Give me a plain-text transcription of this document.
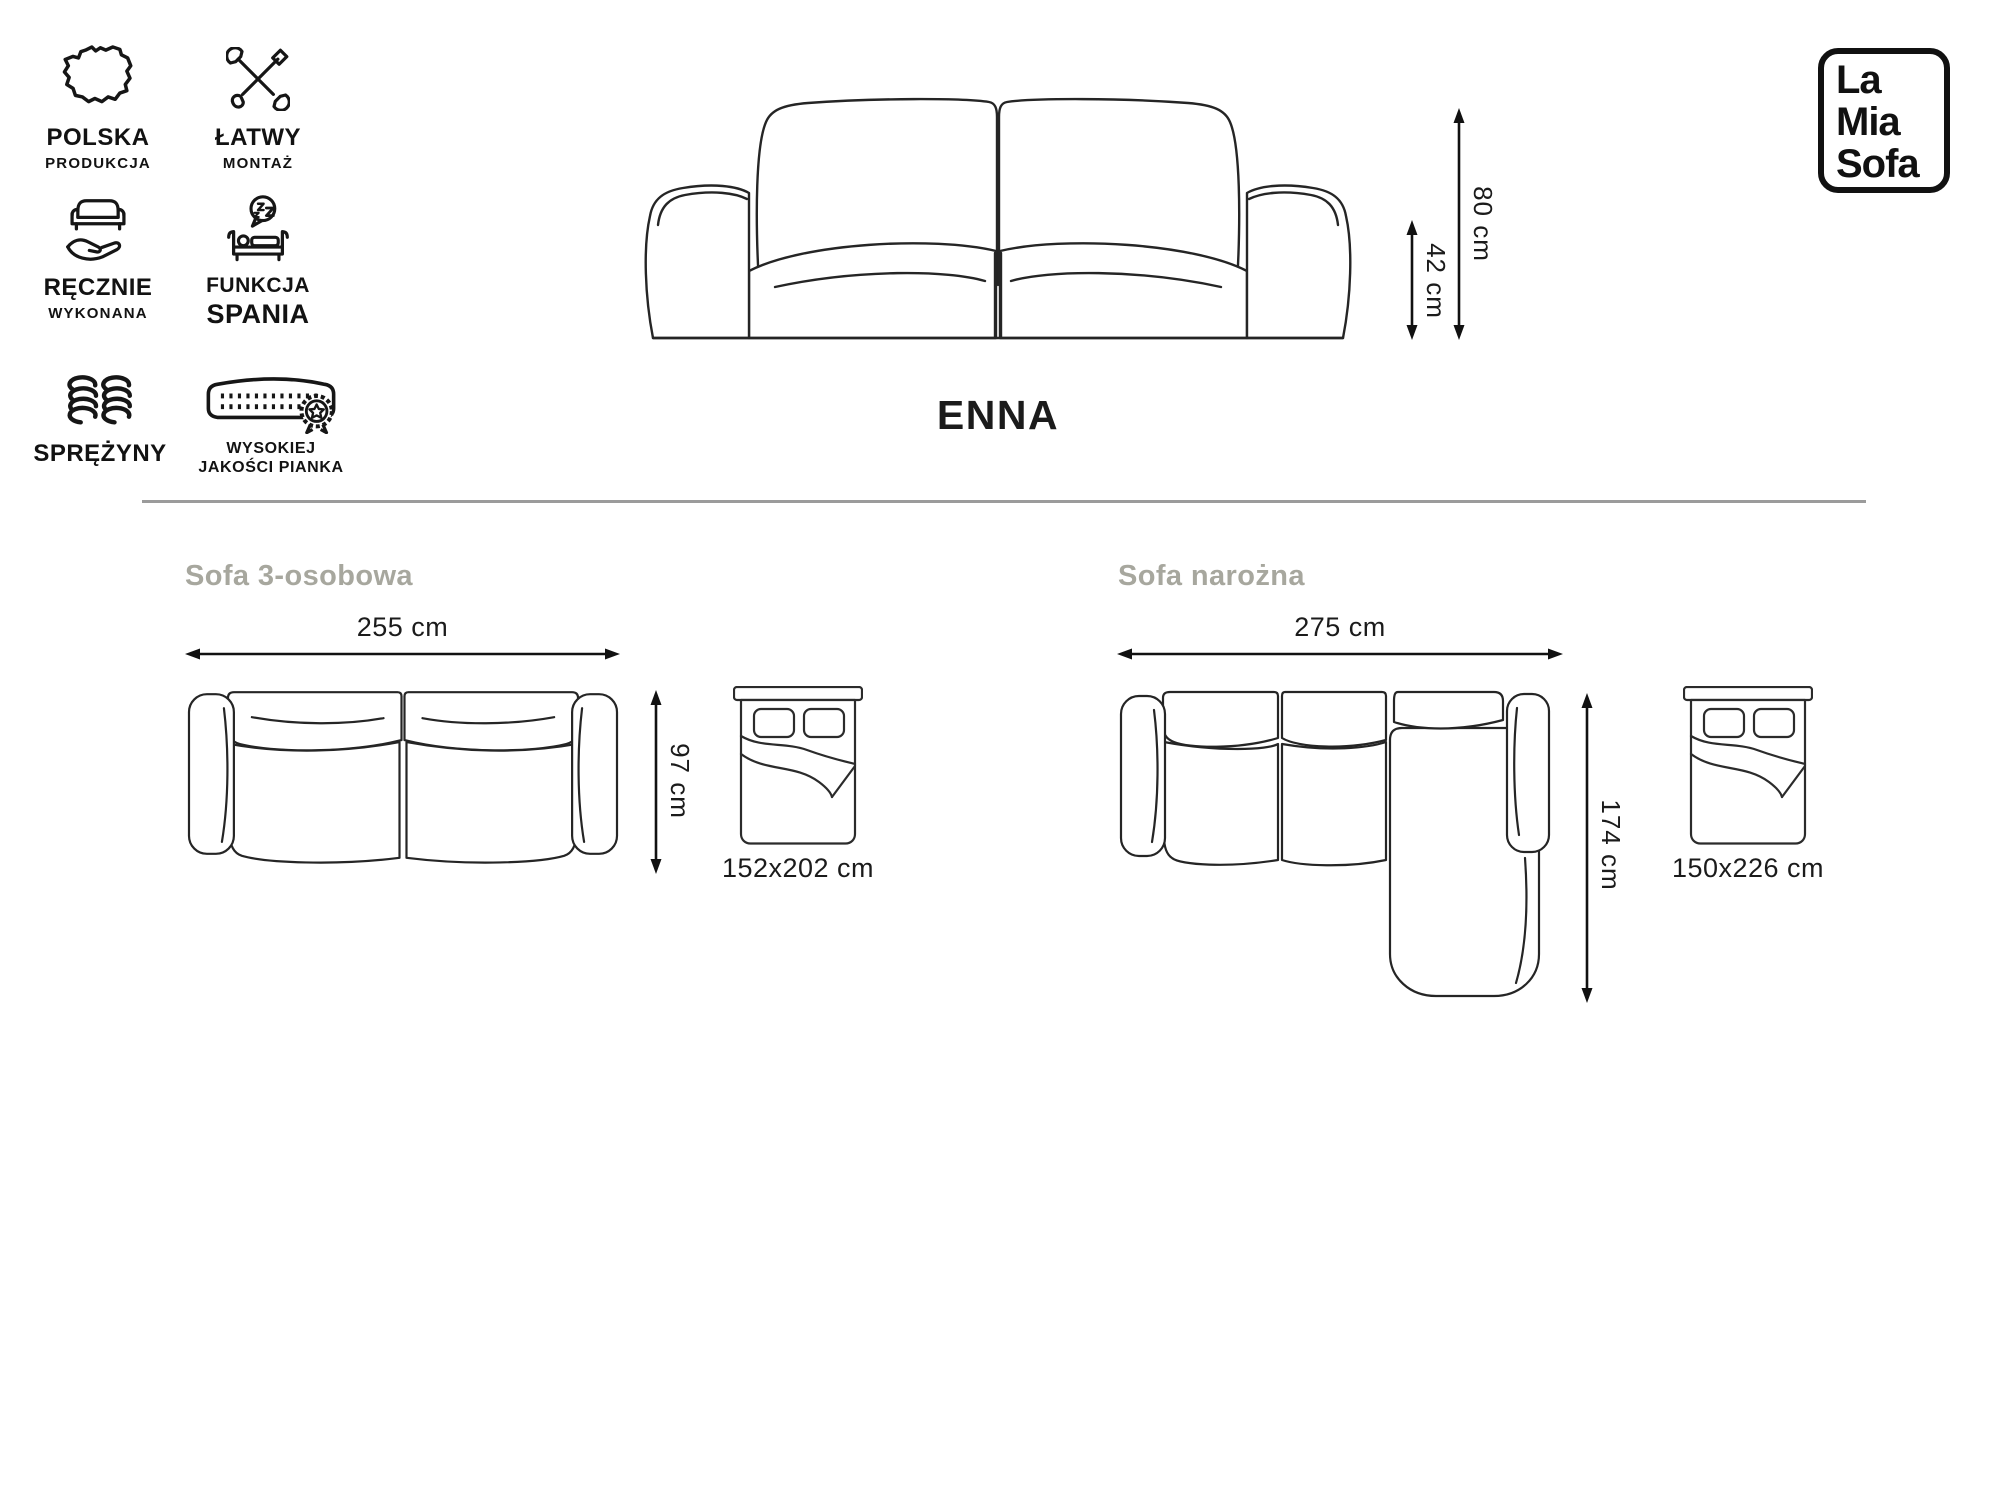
POLSKA
PRODUKCJA
ŁATWY
MONTAŻ
RĘCZNIE
WYKONANA
FUNKCJA
SPANIA
SPRĘŻYNY	WYSOKIEJ
JAKOŚCI PIANKA
La
Mia
Sofa
42 cm
80 cm
ENNA
Sofa 3-osobowa
255 cm
97 cm
152x202 cm
Sofa narożna
275 cm
174 cm 150x226 cm
